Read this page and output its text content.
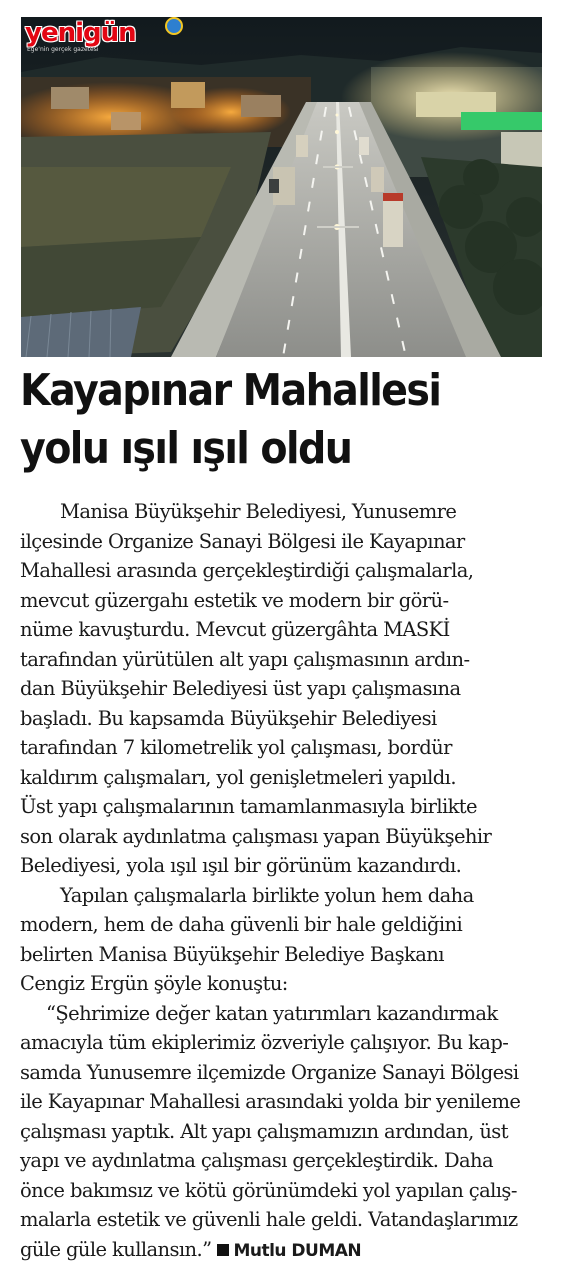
yenigün
Ege'nin gerçek gazetesi
Kayapınar Mahallesi
yolu ışıl ışıl oldu
Manisa Büyükşehir Belediyesi, Yunusemre
ilçesinde Organize Sanayi Bölgesi ile Kayapınar
Mahallesi arasında gerçekleştirdiği çalışmalarla,
mevcut güzergahı estetik ve modern bir görü-
nüme kavuşturdu. Mevcut güzergâhta MASKİ
tarafından yürütülen alt yapı çalışmasının ardın-
dan Büyükşehir Belediyesi üst yapı çalışmasına
başladı. Bu kapsamda Büyükşehir Belediyesi
tarafından 7 kilometrelik yol çalışması, bordür
kaldırım çalışmaları, yol genişletmeleri yapıldı.
Üst yapı çalışmalarının tamamlanmasıyla birlikte
son olarak aydınlatma çalışması yapan Büyükşehir
Belediyesi, yola ışıl ışıl bir görünüm kazandırdı.
Yapılan çalışmalarla birlikte yolun hem daha
modern, hem de daha güvenli bir hale geldiğini
belirten Manisa Büyükşehir Belediye Başkanı
Cengiz Ergün şöyle konuştu:
“Şehrimize değer katan yatırımları kazandırmak
amacıyla tüm ekiplerimiz özveriyle çalışıyor. Bu kap-
samda Yunusemre ilçemizde Organize Sanayi Bölgesi
ile Kayapınar Mahallesi arasındaki yolda bir yenileme
çalışması yaptık. Alt yapı çalışmamızın ardından, üst
yapı ve aydınlatma çalışması gerçekleştirdik. Daha
önce bakımsız ve kötü görünümdeki yol yapılan çalış-
malarla estetik ve güvenli hale geldi. Vatandaşlarımız
güle güle kullansın.” Mutlu DUMAN
